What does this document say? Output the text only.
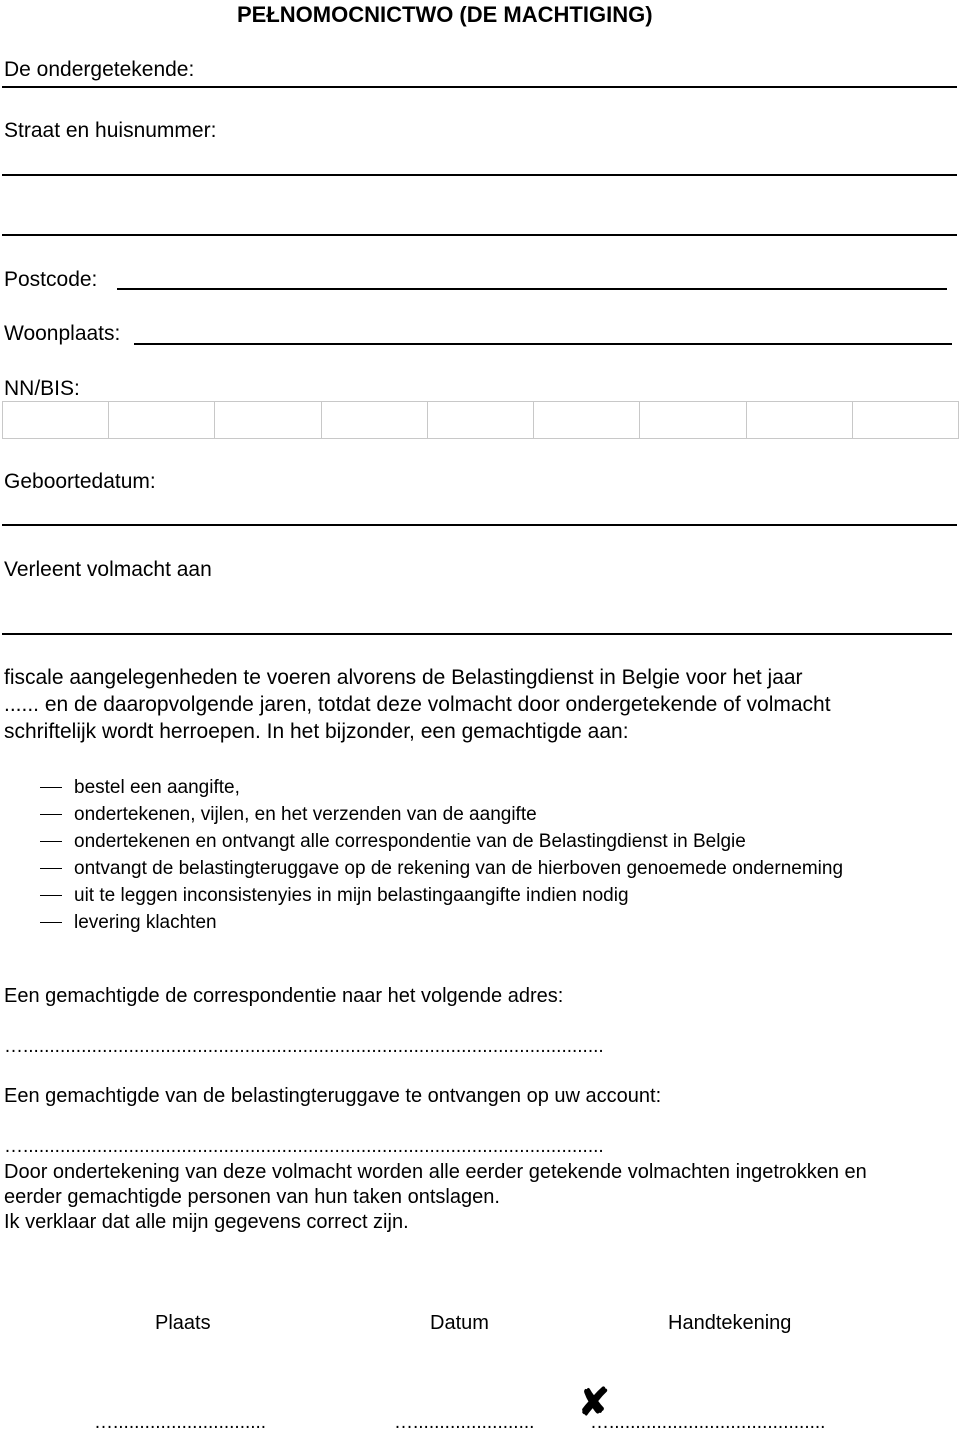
PEŁNOMOCNICTWO (DE MACHTIGING)
De ondergetekende:
Straat en huisnummer:
Postcode:
Woonplaats:
NN/BIS:
Geboortedatum:
Verleent volmacht aan
fiscale aangelegenheden te voeren alvorens de Belastingdienst in Belgie voor het jaar
...... en de daaropvolgende jaren, totdat deze volmacht door ondergetekende of volmacht
schriftelijk wordt herroepen. In het bijzonder, een gemachtigde aan:
bestel een aangifte,
ondertekenen, vijlen, en het verzenden van de aangifte
ondertekenen en ontvangt alle correspondentie van de Belastingdienst in Belgie
ontvangt de belastingteruggave op de rekening van de hierboven genoemede onderneming
uit te leggen inconsistenyies in mijn belastingaangifte indien nodig
levering klachten
Een gemachtigde de correspondentie naar het volgende adres:
…..............................................................................................................
Een gemachtigde van de belastingteruggave te ontvangen op uw account:
…..............................................................................................................
Door ondertekening van deze volmacht worden alle eerder getekende volmachten ingetrokken en
eerder gemachtigde personen van hun taken ontslagen.
Ik verklaar dat alle mijn gegevens correct zijn.
Plaats	Datum	Handtekening
✘
….............................	….......................	….........................................
